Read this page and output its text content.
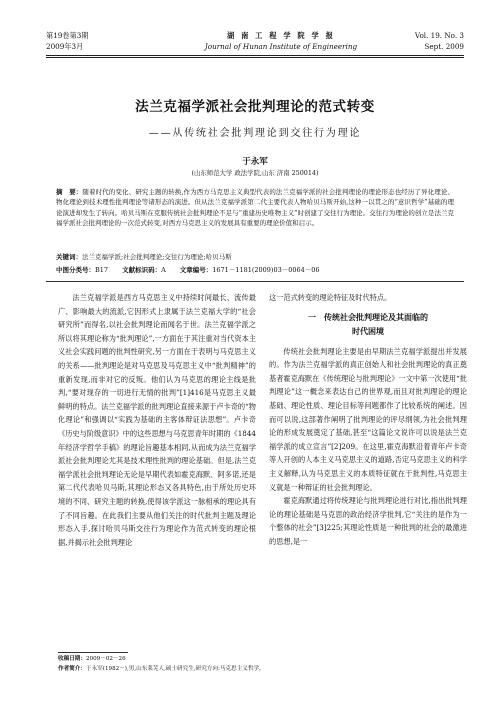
第19卷第3期
2009年3月
湖 南 工 程 学 院 学 报
Journal of Hunan Institute of Engineering
Vol. 19. No. 3
Sept. 2009
法兰克福学派社会批判理论的范式转变
——从传统社会批判理论到交往行为理论
于永军
(山东师范大学 政法学院,山东 济南 250014)
摘　要：随着时代的变化、研究主题的转换,作为西方马克思主义典型代表的法兰克福学派的社会批判理论的理论形态也经历了异化理论、物化理论到技术理性批判理论等诸形态的演进。但从法兰克福学派第二代主要代表人物哈贝马斯开始,这种一以贯之的“意识哲学”基础的理论演进却发生了转向。哈贝马斯在克服传统社会批判理论不足与“重建历史唯物主义”时创建了交往行为理论。交往行为理论的创立是法兰克福学派社会批判理论的一次范式转变,对西方马克思主义的发展具有重要的理论价值和启示。
关键词：法兰克福学派;社会批判理论;交往行为理论;哈贝马斯
中图分类号：B17 文献标识码：A 文章编号：1671－1181(2009)03－0064－06

法兰克福学派是西方马克思主义中持续时间最长、流传最广、影响最大的流派,它因形式上隶属于法兰克福大学的“社会研究所”而得名,以社会批判理论而闻名于世。法兰克福学派之所以将其理论称为“批判理论”,一方面在于其注重对当代资本主义社会实践问题的批判性研究,另一方面在于表明与马克思主义的关系——批判理论是对马克思及马克思主义中“批判精神”的重新发现,而非对它的反叛。他们认为马克思的理论主线是批判,“要对现存的一切进行无情的批判”[1]416是马克思主义最鲜明的特点。法兰克福学派的批判理论直接来源于卢卡奇的“物化理论”和强调以“实践为基础的主客体辩证法思想”。卢卡奇《历史与阶级意识》中的这些思想与马克思青年时期的《1844年经济学哲学手稿》的理论旨趣基本相同,从而成为法兰克福学派社会批判理论尤其是技术理性批判的理论基础。但是,法兰克福学派社会批判理论无论是早期代表如霍克海默、阿多诺,还是第二代代表哈贝马斯,其理论形态又各具特色,由于所处历史环境的不同、研究主题的转换,使得该学派这一脉相承的理论具有了不同旨趣。在此我们主要从他们关注的时代批判主题及理论形态入手,探讨哈贝马斯交往行为理论作为范式转变的理论根据,并揭示社会批判理论

这一范式转变的理论特征及时代特点。

一　传统社会批判理论及其面临的
时代困境

传统社会批判理论主要是由早期法兰克福学派提出并发展的。作为法兰克福学派的真正创始人和社会批判理论的真正奠基者霍克海默在《传统理论与批判理论》一文中第一次使用“批判理论”这一概念来表达自己的世界观,而且对批判理论的理论基础、理论性质、理论目标等问题都作了比较系统的阐述。因而可以说,这部著作阐明了批判理论的评尽纲领,为社会批判理论的形成发展奠定了基础,甚至“这篇论文说许可以说是法兰克福学派的成立宣言”[2]209。在这里,霍克海默沿着青年卢卡奇等人开创的人本主义马克思主义的道路,否定马克思主义的科学主义解释,认为马克思主义的本质特征就在于批判性,马克思主义就是一种辩证的社会批判理论。

霍克海默通过将传统理论与批判理论进行对比,指出批判理论的理论基础是马克思的政治经济学批判,它“关注的是作为一个整体的社会”[3]225;其理论性质是一种批判的社会的最激进的思想,是一

收稿日期：2009－02－26
作者简介：于永军(1982－),男,山东莱芜人,硕士研究生,研究方向:马克思主义哲学。
